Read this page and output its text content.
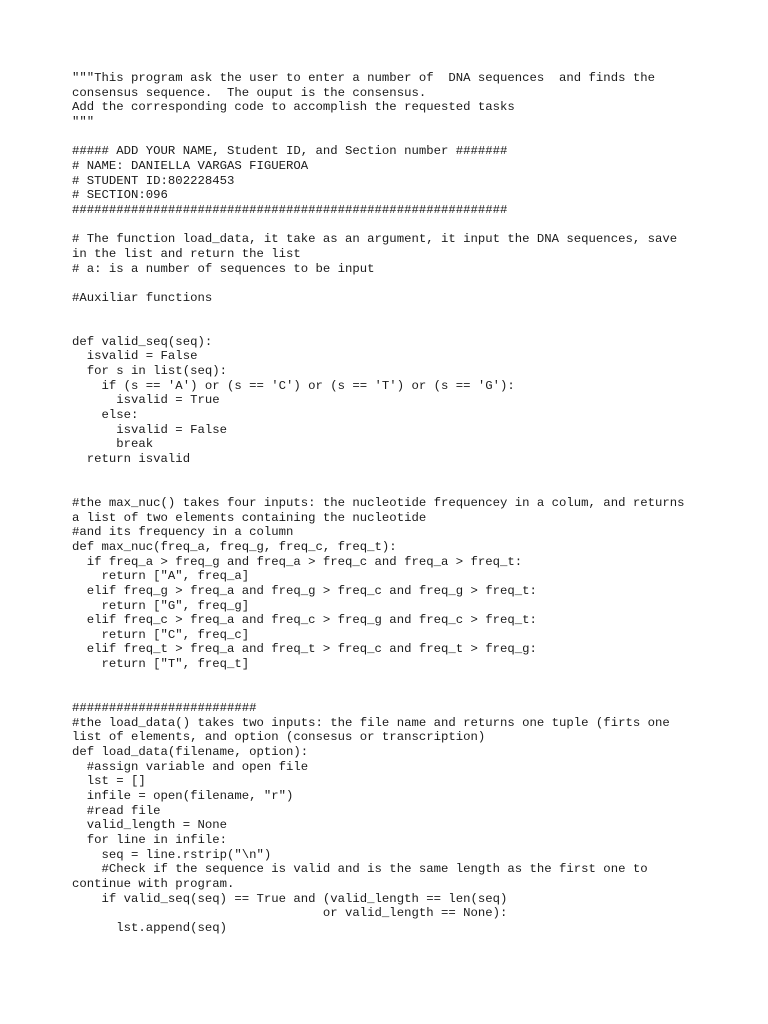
"""This program ask the user to enter a number of  DNA sequences  and finds the
consensus sequence.  The ouput is the consensus.
Add the corresponding code to accomplish the requested tasks
"""
##### ADD YOUR NAME, Student ID, and Section number #######
# NAME: DANIELLA VARGAS FIGUEROA
# STUDENT ID:802228453
# SECTION:096
###########################################################
# The function load_data, it take as an argument, it input the DNA sequences, save
in the list and return the list
# a: is a number of sequences to be input
#Auxiliar functions
def valid_seq(seq):
isvalid = False
for s in list(seq):
if (s == 'A') or (s == 'C') or (s == 'T') or (s == 'G'):
isvalid = True
else:
isvalid = False
break
return isvalid
#the max_nuc() takes four inputs: the nucleotide frequencey in a colum, and returns
a list of two elements containing the nucleotide
#and its frequency in a column
def max_nuc(freq_a, freq_g, freq_c, freq_t):
if freq_a > freq_g and freq_a > freq_c and freq_a > freq_t:
return ["A", freq_a]
elif freq_g > freq_a and freq_g > freq_c and freq_g > freq_t:
return ["G", freq_g]
elif freq_c > freq_a and freq_c > freq_g and freq_c > freq_t:
return ["C", freq_c]
elif freq_t > freq_a and freq_t > freq_c and freq_t > freq_g:
return ["T", freq_t]
#########################
#the load_data() takes two inputs: the file name and returns one tuple (firts one
list of elements, and option (consesus or transcription)
def load_data(filename, option):
#assign variable and open file
lst = []
infile = open(filename, "r")
#read file
valid_length = None
for line in infile:
seq = line.rstrip("\n")
#Check if the sequence is valid and is the same length as the first one to
continue with program.
if valid_seq(seq) == True and (valid_length == len(seq)
or valid_length == None):
lst.append(seq)
